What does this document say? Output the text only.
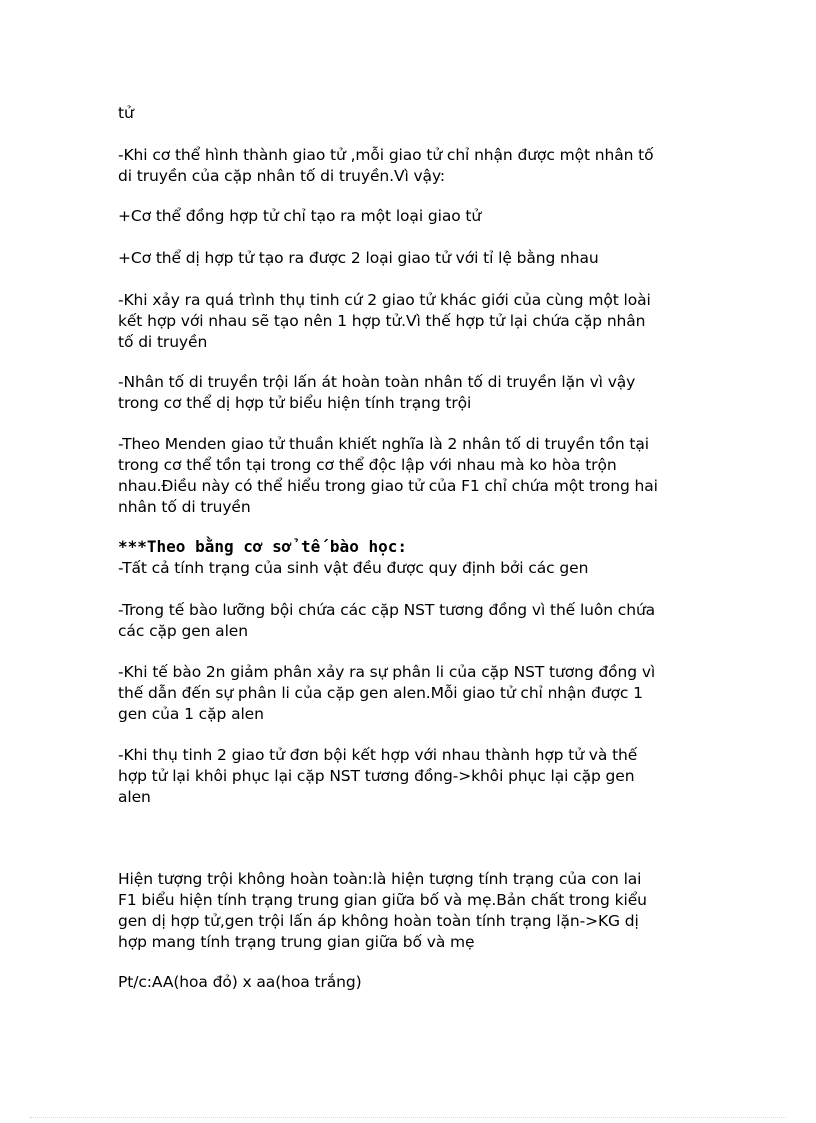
tử

-Khi cơ thể hình thành giao tử ,mỗi giao tử chỉ nhận được một nhân tố
di truyền của cặp nhân tố di truyền.Vì vậy:

+Cơ thể đồng hợp tử chỉ tạo ra một loại giao tử

+Cơ thể dị hợp tử tạo ra được 2 loại giao tử với tỉ lệ bằng nhau

-Khi xảy ra quá trình thụ tinh cứ 2 giao tử khác giới của cùng một loài
kết hợp với nhau sẽ tạo nên 1 hợp tử.Vì thế hợp tử lại chứa cặp nhân
tố di truyền

-Nhân tố di truyền trội lấn át hoàn toàn nhân tố di truyền lặn vì vậy
trong cơ thể dị hợp tử biểu hiện tính trạng trội

-Theo Menden giao tử thuần khiết nghĩa là 2 nhân tố di truyền tồn tại
trong cơ thể tồn tại trong cơ thể độc lập với nhau mà ko hòa trộn
nhau.Điều này có thể hiểu trong giao tử của F1 chỉ chứa một trong hai
nhân tố di truyền

***Theo bằng cơ sở tế bào học:

-Tất cả tính trạng của sinh vật đều được quy định bởi các gen

-Trong tế bào lưỡng bội chứa các cặp NST tương đồng vì thế luôn chứa
các cặp gen alen

-Khi tế bào 2n giảm phân xảy ra sự phân li của cặp NST tương đồng vì
thế dẫn đến sự phân li của cặp gen alen.Mỗi giao tử chỉ nhận được 1
gen của 1 cặp alen

-Khi thụ tinh 2 giao tử đơn bội kết hợp với nhau thành hợp tử và thế
hợp tử lại khôi phục lại cặp NST tương đồng->khôi phục lại cặp gen
alen

Hiện tượng trội không hoàn toàn:là hiện tượng tính trạng của con lai
F1 biểu hiện tính trạng trung gian giữa bố và mẹ.Bản chất trong kiểu
gen dị hợp tử,gen trội lấn áp không hoàn toàn tính trạng lặn->KG dị
hợp mang tính trạng trung gian giữa bố và mẹ

Pt/c:AA(hoa đỏ) x aa(hoa trắng)
